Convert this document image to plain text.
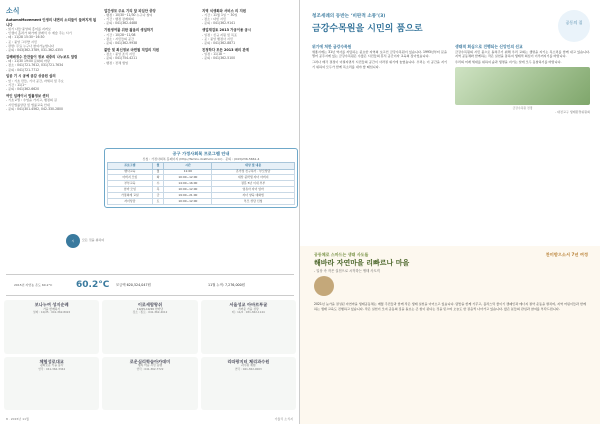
소식
AutumnMovement 인생의 내면의 소리들이 들려지게 됩니다
- 읽기 나들·중앙의 흥미를 지켜보
- 인생이 흘러가 화가에 클래식 수 예술 주는 시기
- 때 : 11/28 15:30~16:30
- 곳 : 중앙 그루밭 시민
- 관람: 무료 누구나 참여가능합니다
- 문의 : 043)362-3789, 031-362-4355
김해배정수 잔잔들이 정보 대중의 나누보도 알림
- 때 : 11/30 19:00 문화의 마당
- 장소 : 041)721-7612, 031)721-7634
- 문의 : 041)721-7712
임공 기 시 공예 공감 상공원 살의
- 앞 : 기초 만들, 기사 공간, 자세히 및 주요
- 기간 : 11/1~
- 문의 : 041)362-6620
여인 임레이너 법률정보 센터
- 기초교열 : 수업을 가지고, 행정의 길
- 시민법률상담 및 법률교육 안내
- 문의 : 041)301-4562, 042-330-2800
업간생모 주요 기리 알 피임안 중앙
- 행정 : 10/30~11/30 누구나 참여
- 기간 : 행정 장례회의
- 문의 : 041)362-4488
기원생여를 위한 젊음의 생일하기
- 기간 : 10/28~11/08
- 장소 : 시민들의 공간
- 문의 : 041)362-9938
불만 및 최신정보 마련될 직업의 지원
- 장소 : 중앙 조식 시민
- 문의 : 041)754-4211
- 행정 : 전체 생업
지역 식생회와 서비스 의 지원
- 기간 : 11월 1일 ~ 30일
- 장소 : 다빈 시민
- 문의 : 041)362-9141
생업재검토 2013 가공이용 공시
- 일정 : 신규 지원 및 목표
- 곳 : 중앙 행정사 시민
- 문의 : 041)362-8871
친정하다 모든 2013 매의 관계
- 일정 : 11/18 ~
- 문의 : 041)362-5100
시	모든 것을 위하여
공구 가정사회복 프로그램 안내
신청 : 가정사회복 홈페이지 (http://familu.dcatholic.or.kr) · 문의 : (043)236-5661-4
프로그램	월	시간	대상 및 내용
행사교육	월	11:00	온가정 친구하기 · 부모상담
아버지 모임	화	10:00~12:00	대상 중학생 자녀 아버지
부부교육	수	14:00~16:00	결혼 5년 이내 부부
엄마 모임	목	10:00~12:00	영유아 자녀 엄마
가정의례 교실	금	19:00~21:00	자녀 양육 대화법
자녀상담	토	10:00~12:00	부모 상담 신청
2015년 자연농 온도 60.2°C	60.2°C	모금액 620,524,047원	11월 누적: 7,276,000원
보나누여 성지순례
가을 함께하기
날짜 : 10/25 · 041-362-8022
이로세람랑쉬
10/25-10/26 한마당
장소 : 종로 · 041-362-4012
서울성교 아바르투굴
가까운 가을 성당
때 : 11/2 · 031-362-1144
체험성로대교
평화로운 가을 농사
연락 : 041-362-3344
로운심리학습아카데미
행복 마음 시민 동행
연락 : 041-362-7722
리따랑지터 체리과수원
과수원 체험
연락 : 041-362-9003
8 · 2015년 11월	가톨릭 소식지
청조세례의 동반는 ‘비판적 소통’(3)
금강수목원을 시민의 품으로
공동의 집
위기에 처한 금강수목원

세종시에는 31년 역사를 자랑하는 중요한 지역의 보고인 금강수목원이 있습니다. 1993년부터 문을 열어 공주시에 있는 금강수목원은 수많은 시민들의 휴식 공간이자 교육의 장이었습니다.

그러나 매각 결정이 이뤄지면서 시민들의 공간이 사라질 위기에 놓였습니다. 우리는 이 공간을 지키기 위하여 모두가 함께 목소리를 내야 할 때입니다.

생태적 회심으로 진행되는 신앙인의 선교

금강수목원의 시민 품으로 돌려주기 위해 우리 교회는 생명을 지키는 목소리를 함께 내고 있습니다. 지역 공동체와 함께하는 작은 실천을 통하여 생태적 회심이 이루어지기를 바랍니다.

우리의 미래 세대를 위하여 숲과 생명을 지키는 일에 모두 동참하기를 바랍니다.

금강수목원 전경
- 대전교구 생태환경위원회
공동체로 스마드는 생태 사도들
해바라 자연마을 리빠르나 마을
- 일상 속 작은 실천으로 시작하는 생태 사도직
찬미받으소서 7년 여정
2021년 늦가을 결성된 자연마을 생태공동체는 매월 주민들과 함께 작은 생태 실천을 이어오고 있습니다. 텃밭을 함께 가꾸고, 플라스틱 줄이기 캠페인과 에너지 절약 운동을 펼치며, 지역 어린이들과 함께하는 생태 교육도 진행하고 있습니다. 작은 실천이 모여 공동의 집을 돌보는 큰 힘이 된다는 것을 믿으며 오늘도 한 걸음씩 나아가고 있습니다. 많은 분들의 관심과 참여를 부탁드립니다.
